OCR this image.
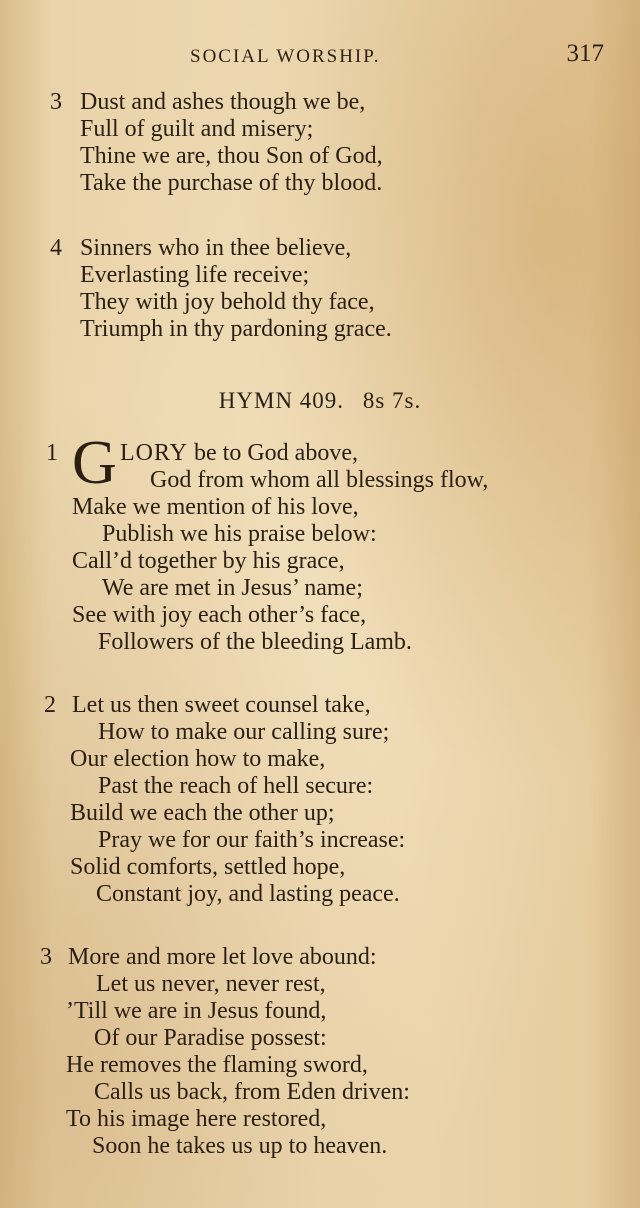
SOCIAL WORSHIP.	317
3 Dust and ashes though we be,
Full of guilt and misery;
Thine we are, thou Son of God,
Take the purchase of thy blood.
4 Sinners who in thee believe,
Everlasting life receive;
They with joy behold thy face,
Triumph in thy pardoning grace.
HYMN 409. 8s 7s.
1 G LORY be to God above,
God from whom all blessings flow,
Make we mention of his love,
Publish we his praise below:
Call’d together by his grace,
We are met in Jesus’ name;
See with joy each other’s face,
Followers of the bleeding Lamb.
2 Let us then sweet counsel take,
How to make our calling sure;
Our election how to make,
Past the reach of hell secure:
Build we each the other up;
Pray we for our faith’s increase:
Solid comforts, settled hope,
Constant joy, and lasting peace.
3 More and more let love abound:
Let us never, never rest,
’Till we are in Jesus found,
Of our Paradise possest:
He removes the flaming sword,
Calls us back, from Eden driven:
To his image here restored,
Soon he takes us up to heaven.
